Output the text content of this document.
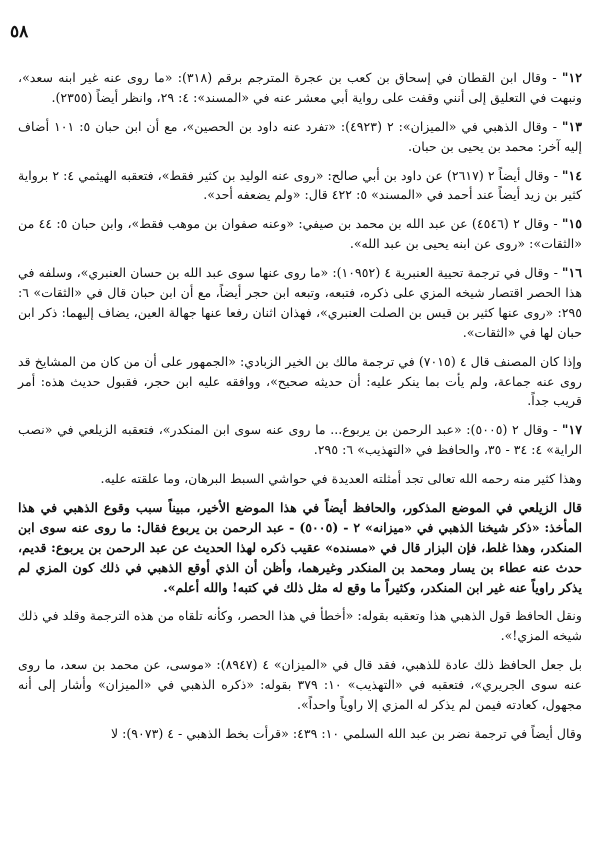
٥٨

١٢" - وقال ابن القطان في إسحاق بن كعب بن عجرة المترجم برقم (٣١٨): «ما روى عنه غير ابنه سعد»، ونبهت في التعليق إلى أنني وقفت على رواية أبي معشر عنه في «المسند»: ٤: ٢٩، وانظر أيضاً (٢٣٥٥).

١٣" - وقال الذهبي في «الميزان»: ٢ (٤٩٢٣): «تفرد عنه داود بن الحصين»، مع أن ابن حبان ٥: ١٠١ أضاف إليه آخر: محمد بن يحيى بن حبان.

١٤" - وقال أيضاً ٢ (٢٦١٧) عن داود بن أبي صالح: «روى عنه الوليد بن كثير فقط»، فتعقبه الهيثمي ٤: ٢ برواية كثير بن زيد أيضاً عند أحمد في «المسند» ٥: ٤٢٢ قال: «ولم يضعفه أحد».

١٥" - وقال ٢ (٤٥٤٦) عن عبد الله بن محمد بن صيفي: «وعنه صفوان بن موهب فقط»، وابن حبان ٥: ٤٤ من «الثقات»: «روى عن ابنه يحيى بن عبد الله».

١٦" - وقال في ترجمة تحيية العنبرية ٤ (١٠٩٥٢): «ما روى عنها سوى عبد الله بن حسان العنبري»، وسلفه في هذا الحصر اقتصار شيخه المزي على ذكره، فتبعه، وتبعه ابن حجر أيضاً، مع أن ابن حبان قال في «الثقات» ٦: ٢٩٥: «روى عنها كثير بن قيس بن الصلت العنبري»، فهذان اثنان رفعا عنها جهالة العين، يضاف إليهما: ذكر ابن حبان لها في «الثقات».

وإذا كان المصنف قال ٤ (٧٠١٥) في ترجمة مالك بن الخير الزبادي: «الجمهور على أن من كان من المشايخ قد روى عنه جماعة، ولم يأت بما ينكر عليه: أن حديثه صحيح»، ووافقه عليه ابن حجر، فقبول حديث هذه: أمر قريب جداً.

١٧" - وقال ٢ (٥٠٠٥): «عبد الرحمن بن يربوع... ما روى عنه سوى ابن المنكدر»، فتعقبه الزيلعي في «نصب الراية» ٤: ٣٤ - ٣٥، والحافظ في «التهذيب» ٦: ٢٩٥.

وهذا كثير منه رحمه الله تعالى تجد أمثلته العديدة في حواشي السبط البرهان، وما علقته عليه.

قال الزيلعي في الموضع المذكور، والحافظ أيضاً في هذا الموضع الأخير، مبيناً سبب وقوع الذهبي في هذا المأخذ: «ذكر شيخنا الذهبي في «ميزانه» ٢ - (٥٠٠٥) - عبد الرحمن بن يربوع فقال: ما روى عنه سوى ابن المنكدر، وهذا غلط، فإن البزار قال في «مسنده» عقيب ذكره لهذا الحديث عن عبد الرحمن بن يربوع: قديم، حدث عنه عطاء بن يسار ومحمد بن المنكدر وغيرهما، وأظن أن الذي أوقع الذهبي في ذلك كون المزي لم يذكر راوياً عنه غير ابن المنكدر، وكثيراً ما وقع له مثل ذلك في كتبه! والله أعلم».

ونقل الحافظ قول الذهبي هذا وتعقبه بقوله: «أخطأ في هذا الحصر، وكأنه تلقاه من هذه الترجمة وقلد في ذلك شيخه المزي!».

بل جعل الحافظ ذلك عادة للذهبي، فقد قال في «الميزان» ٤ (٨٩٤٧): «موسى، عن محمد بن سعد، ما روى عنه سوى الجريري»، فتعقبه في «التهذيب» ١٠: ٣٧٩ بقوله: «ذكره الذهبي في «الميزان» وأشار إلى أنه مجهول، كعادته فيمن لم يذكر له المزي إلا راوياً واحداً».

وقال أيضاً في ترجمة نضر بن عبد الله السلمي ١٠: ٤٣٩: «قرأت بخط الذهبي - ٤ (٩٠٧٣): لا
